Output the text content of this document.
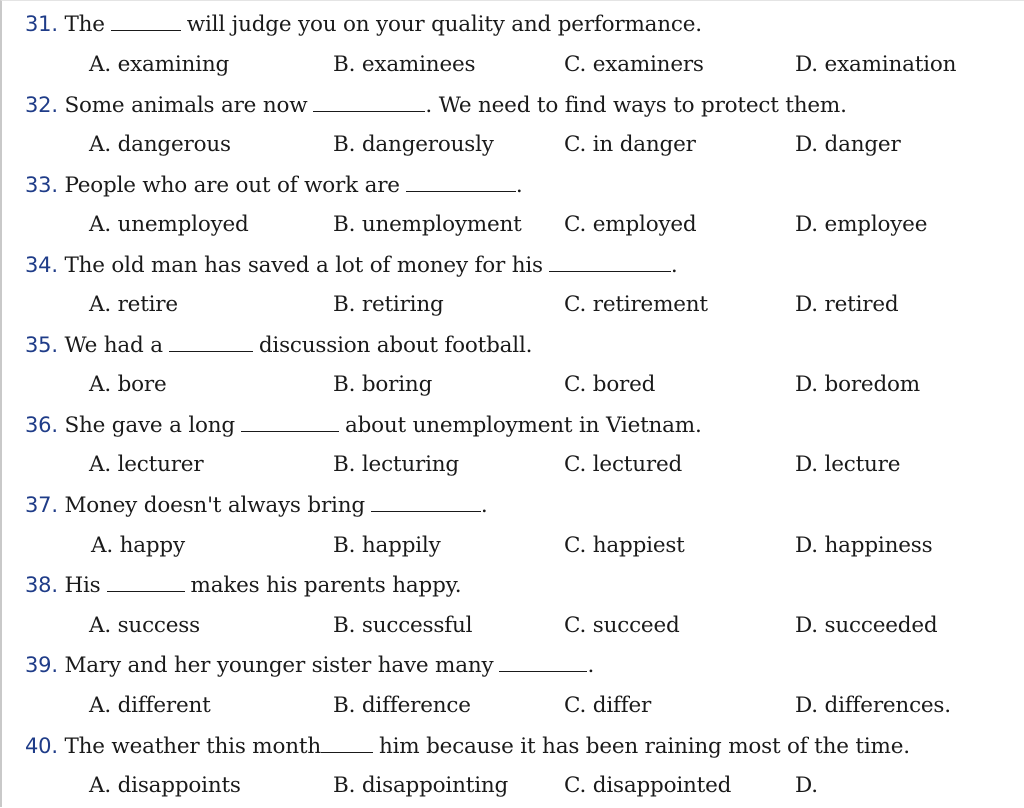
31. The	will judge you on your quality and performance.
A. examining	B. examinees	C. examiners	D. examination
32. Some animals are now	. We need to find ways to protect them.
A. dangerous	B. dangerously	C. in danger	D. danger
33. People who are out of work are	.
A. unemployed	B. unemployment C. employed	D. employee
34. The old man has saved a lot of money for his	.
A. retire	B. retiring	C. retirement	D. retired
35. We had a	discussion about football.
A. bore	B. boring	C. bored	D. boredom
36. She gave a long	about unemployment in Vietnam.
A. lecturer	B. lecturing	C. lectured	D. lecture
37. Money doesn't always bring	.
A. happy	B. happily	C. happiest	D. happiness
38. His	makes his parents happy.
A. success	B. successful	C. succeed	D. succeeded
39. Mary and her younger sister have many	.
A. different	B. difference	C. differ	D. differences.
40. The weather this month	him because it has been raining most of the time.
A. disappoints	B. disappointing	C. disappointed	D.
